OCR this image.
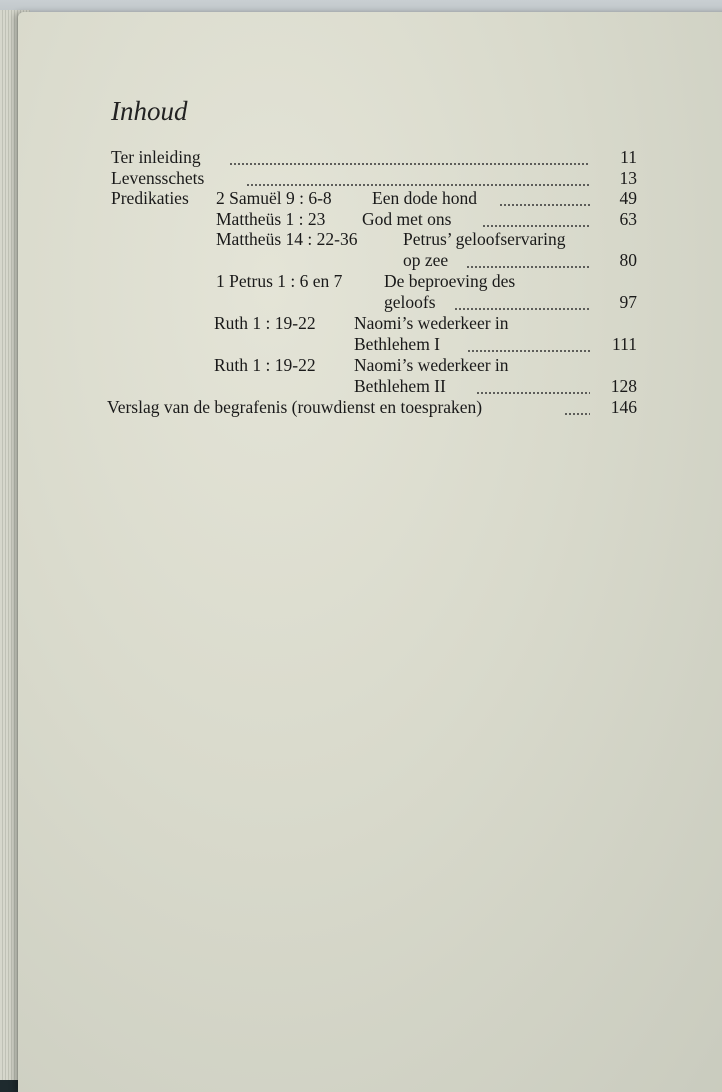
Inhoud
Ter inleiding	11
Levensschets	13
Predikaties 2 Samuël 9 : 6-8 Een dode hond	49
Mattheüs 1 : 23 God met ons	63
Mattheüs 14 : 22-36	Petrus’ geloofservaring
op zee	80
1 Petrus 1 : 6 en 7 De beproeving des
geloofs	97
Ruth 1 : 19-22 Naomi’s wederkeer in
Bethlehem I	111
Ruth 1 : 19-22 Naomi’s wederkeer in
Bethlehem II	128
Verslag van de begrafenis (rouwdienst en toespraken)	146
